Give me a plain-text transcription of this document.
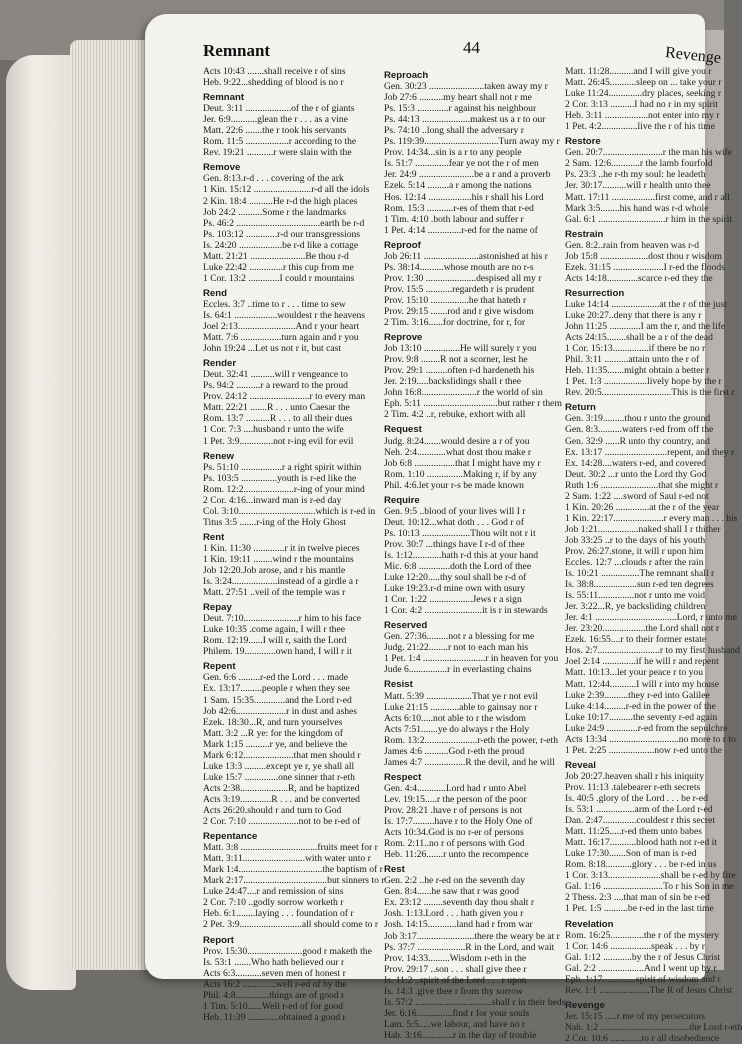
Remnant	44	Revenge
Acts 10:43 .......shall receive r of sins
Heb. 9:22...shedding of blood is no r
Remnant
Deut. 3:11 ...................of the r of giants
Jer. 6:9...........glean the r . . . as a vine
Matt. 22:6 .......the r took his servants
Rom. 11:5 ..................r according to the
Rev. 19:21 ...........r were slain with the
Remove
Gen. 8:13.r-d . . . covering of the ark
1 Kin. 15:12 ........................r-d all the idols
2 Kin. 18:4 ..........He r-d the high places
Job 24:2 ..........Some r the landmarks
Ps. 46:2 ...................................earth be r-d
Ps. 103:12 .............r-d our transgressions
Is. 24:20 ..................be r-d like a cottage
Matt. 21:21 .......................Be thou r-d
Luke 22:42 ..............r this cup from me
1 Cor. 13:2 .............I could r mountains
Rend
Eccles. 3:7 ..time to r . . . time to sew
Is. 64:1 ..................wouldest r the heavens
Joel 2:13........................And r your heart
Matt. 7:6 .................turn again and r you
John 19:24 ...Let us not r it, but cast
Render
Deut. 32:41 ..........will r vengeance to
Ps. 94:2 ..........r a reward to the proud
Prov. 24:12 .........................r to every man
Matt. 22:21 .......R . . . unto Caesar the
Rom. 13:7 ..........R . . . to all their dues
1 Cor. 7:3 ....husband r unto the wife
1 Pet. 3:9..............not r-ing evil for evil
Renew
Ps. 51:10 .................r a right spirit within
Ps. 103:5 ...............youth is r-ed like the
Rom. 12:2.....................r-ing of your mind
2 Cor. 4:16...inward man is r-ed day
Col. 3:10................................which is r-ed in
Titus 3:5 .......r-ing of the Holy Ghost
Rent
1 Kin. 11:30 .............r it in twelve pieces
1 Kin. 19:11 ........wind r the mountains
Job 12:20.Job arose, and r his mantle
Is. 3:24...................instead of a girdle a r
Matt. 27:51 ..veil of the temple was r
Repay
Deut. 7:10.......................r him to his face
Luke 10:35 .come again, I will r thee
Rom. 12:19......I will r, saith the Lord
Philem. 19.............own hand, I will r it
Repent
Gen. 6:6 .........r-ed the Lord . . . made
Ex. 13:17.........people r when they see
1 Sam. 15:35.............and the Lord r-ed
Job 42:6.....................r in dust and ashes
Ezek. 18:30...R, and turn yourselves
Matt. 3:2 ...R ye: for the kingdom of
Mark 1:15 ..........r ye, and believe the
Mark 6:12.....................that men should r
Luke 13:3 .........except ye r, ye shall all
Luke 15:7 ..............one sinner that r-eth
Acts 2:38....................R, and be baptized
Acts 3:19.............R . . . and be converted
Acts 26:20.should r and turn to God
2 Cor. 7:10 .....................not to be r-ed of
Repentance
Matt. 3:8 ................................fruits meet for r
Matt. 3:11..........................with water unto r
Mark 1:4...................................the baptism of r
Mark 2:17...................................but sinners to r
Luke 24:47....r and remission of sins
2 Cor. 7:10 ..godly sorrow worketh r
Heb. 6:1........laying . . . foundation of r
2 Pet. 3:9..........................all should come to r
Report
Prov. 15:30.......................good r maketh the
Is. 53:1 .......Who hath believed our r
Acts 6:3...........seven men of honest r
Acts 16:2 ..............well r-ed of by the
Phil. 4:8..............things are of good r
1 Tim. 5:10......Well r-ed of for good
Heb. 11:39 .............obtained a good r
Reproach
Gen. 30:23 .......................taken away my r
Job 27:6 ..........my heart shall not r me
Ps. 15:3 .............r against his neighbour
Ps. 44:13 ....................makest us a r to our
Ps. 74:10 ..long shall the adversary r
Ps. 119:39...............................Turn away my r
Prov. 14:34...sin is a r to any people
Is. 51:7 ..............fear ye not the r of men
Jer. 24:9 .......................be a r and a proverb
Ezek. 5:14 .........a r among the nations
Hos. 12:14 ..................his r shall his Lord
Rom. 15:3 ...........r-es of them that r-ed
1 Tim. 4:10 .both labour and suffer r
1 Pet. 4:14 ..............r-ed for the name of
Reproof
Job 26:11 .......................astonished at his r
Ps. 38:14..........whose mouth are no r-s
Prov. 1:30 .....................despised all my r
Prov. 15:5 ...........regardeth r is prudent
Prov. 15:10 ................he that hateth r
Prov. 29:15 .......rod and r give wisdom
2 Tim. 3:16......for doctrine, for r, for
Reprove
Job 13:10 ...............He will surely r you
Prov. 9:8 ........R not a scorner, lest he
Prov. 29:1 .........often r-d hardeneth his
Jer. 2:19.....backslidings shall r thee
John 16:8.......................r the world of sin
Eph. 5:11 ...............................but rather r them
2 Tim. 4:2 ..r, rebuke, exhort with all
Request
Judg. 8:24.......would desire a r of you
Neh. 2:4............what dost thou make r
Job 6:8 .................that I might have my r
Rom. 1:10 ...............Making r, if by any
Phil. 4:6.let your r-s be made known
Require
Gen. 9:5 ..blood of your lives will I r
Deut. 10:12...what doth . . . God r of
Ps. 10:13 ....................Thou wilt not r it
Prov. 30:7 ...things have I r-d of thee
Is. 1:12............hath r-d this at your hand
Mic. 6:8 .............doth the Lord of thee
Luke 12:20.....thy soul shall be r-d of
Luke 19:23.r-d mine own with usury
1 Cor. 1:22 ..................Jews r a sign
1 Cor. 4:2 ........................it is r in stewards
Reserved
Gen. 27:36.........not r a blessing for me
Judg. 21:22........r not to each man his
1 Pet. 1:4 ..........................r in heaven for you
Jude 6................r in everlasting chains
Resist
Matt. 5:39 ...................That ye r not evil
Luke 21:15 ............able to gainsay nor r
Acts 6:10.....not able to r the wisdom
Acts 7:51.......ye do always r the Holy
Rom. 13:2......................r-eth the power, r-eth
James 4:6 ..........God r-eth the proud
James 4:7 .................R the devil, and he will
Respect
Gen. 4:4............Lord had r unto Abel
Lev. 19:15.....r the person of the poor
Prov. 28:21 .have r of persons is not
Is. 17:7.........have r to the Holy One of
Acts 10:34.God is no r-er of persons
Rom. 2:11..no r of persons with God
Heb. 11:26.......r unto the recompence
Rest
Gen. 2:2 ..he r-ed on the seventh day
Gen. 8:4......he saw that r was good
Ex. 23:12 ........seventh day thou shalt r
Josh. 1:13.Lord . . . hath given you r
Josh. 14:15............land had r from war
Job 3:17........................there the weary be at r
Ps. 37:7 ....................R in the Lord, and wait
Prov. 14:33.........Wisdom r-eth in the
Prov. 29:17 ..son . . . shall give thee r
Is. 11:2 ..spirit of the Lord . . . r upon
Is. 14:3 .give thee r from thy sorrow
Is. 57:2 ................................shall r in their beds
Jer. 6:16...............find r for your souls
Lam. 5:5.....we labour, and have no r
Hab. 3:16.............r in the day of trouble
Matt. 11:28..........and I will give you r
Matt. 26:45...........sleep on ... take your r
Luke 11:24..............dry places, seeking r
2 Cor. 3:13 ..........I had no r in my spirit
Heb. 3:11 ..................not enter into my r
1 Pet. 4:2...............live the r of his time
Restore
Gen. 20:7.........................r the man his wife
2 Sam. 12:6............r the lamb fourfold
Ps. 23:3 ..he r-th my soul: he leadeth
Jer. 30:17..........will r health unto thee
Matt. 17:11 ..................first come, and r all
Mark 3:5........his hand was r-d whole
Gal. 6:1 ............................r him in the spirit
Restrain
Gen. 8:2..rain from heaven was r-d
Job 15:8 ....................dost thou r wisdom
Ezek. 31:15 .....................I r-ed the floods
Acts 14:18.............scarce r-ed they the
Resurrection
Luke 14:14 ....................at the r of the just
Luke 20:27..deny that there is any r
John 11:25 .............I am the r, and the life
Acts 24:15........shall be a r of the dead
1 Cor. 15:13...............if there be no r
Phil. 3:11 ..........attain unto the r of
Heb. 11:35.......might obtain a better r
1 Pet. 1:3 ..................lively hope by the r
Rev. 20:5.............................This is the first r
Return
Gen. 3:19.........thou r unto the ground
Gen. 8:3..........waters r-ed from off the
Gen. 32:9 ......R unto thy country, and
Ex. 13:17 ..........................repent, and they r
Ex. 14:28....waters r-ed, and covered
Deut. 30:2 ...r unto the Lord thy God
Ruth 1:6 ........................that she might r
2 Sam. 1:22 ....sword of Saul r-ed not
1 Kin. 20:26 ..............at the r of the year
1 Kin. 22:17.....................r every man . . . his
Job 1:21.................naked shall I r thither
Job 33:25 ..r to the days of his youth
Prov. 26:27.stone, it will r upon him
Eccles. 12:7 ...clouds r after the rain
Is. 10:21 ................The remnant shall r
Is. 38:8..................sun r-ed ten degrees
Is. 55:11...............not r unto me void
Jer. 3:22...R, ye backsliding children
Jer. 4:1 ..................................Lord, r unto me
Jer. 23:20..................the Lord shall not r
Ezek. 16:55....r to their former estate
Hos. 2:7..........................r to my first husband
Joel 2:14 ..............if he will r and repent
Matt. 10:13...let your peace r to you
Matt. 12:44...........I will r into my house
Luke 2:39..........they r-ed into Galilee
Luke 4:14.........r-ed in the power of the
Luke 10:17..........the seventy r-ed again
Luke 24:9 .............r-ed from the sepulchre
Acts 13:34 .............................no more to r to
1 Pet. 2:25 ...................now r-ed unto the
Reveal
Job 20:27.heaven shall r his iniquity
Prov. 11:13 .talebearer r-eth secrets
Is. 40:5 .glory of the Lord . . . be r-ed
Is. 53:1 ................arm of the Lord r-ed
Dan. 2:47..............couldest r this secret
Matt. 11:25.....r-ed them unto babes
Matt. 16:17...........blood hath not r-ed it
Luke 17:30.......Son of man is r-ed
Rom. 8:18...........glory . . . be r-ed in us
1 Cor. 3:13......................shall be r-ed by fire
Gal. 1:16 .........................To r his Son in me
2 Thess. 2:3 ....that man of sin be r-ed
1 Pet. 1:5 ..........be r-ed in the last time
Revelation
Rom. 16:25..............the r of the mystery
1 Cor. 14:6 .................speak . . . by r
Gal. 1:12 ............by the r of Jesus Christ
Gal. 2:2 ...................And I went up by r
Eph. 1:17..............spirit of wisdom and r
Rev. 1:1 .....................The R of Jesus Christ
Revenge
Jer. 15:15 .....r me of my persecutors
Nah. 1:2 .....................................the Lord r-eth
2 Cor. 10:6 .............to r all disobedience
